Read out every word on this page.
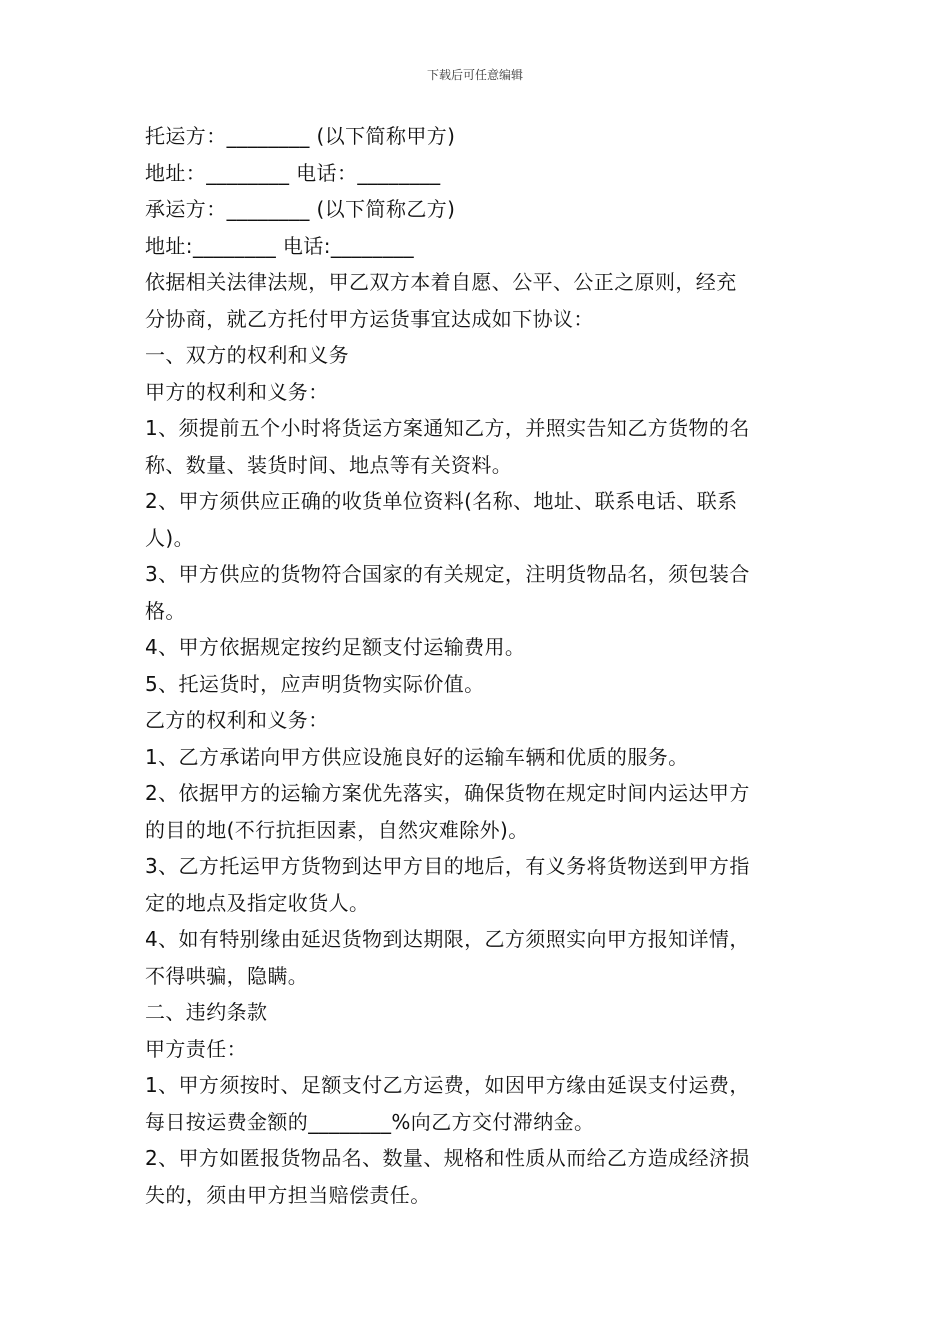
下载后可任意编辑
托运方：________ (以下简称甲方)
地址：________ 电话：________
承运方：________ (以下简称乙方)
地址:________ 电话:________
依据相关法律法规，甲乙双方本着自愿、公平、公正之原则，经充
分协商，就乙方托付甲方运货事宜达成如下协议：
一、双方的权利和义务
甲方的权利和义务：
1、须提前五个小时将货运方案通知乙方，并照实告知乙方货物的名
称、数量、装货时间、地点等有关资料。
2、甲方须供应正确的收货单位资料(名称、地址、联系电话、联系
人)。
3、甲方供应的货物符合国家的有关规定，注明货物品名，须包装合
格。
4、甲方依据规定按约足额支付运输费用。
5、托运货时，应声明货物实际价值。
乙方的权利和义务：
1、乙方承诺向甲方供应设施良好的运输车辆和优质的服务。
2、依据甲方的运输方案优先落实，确保货物在规定时间内运达甲方
的目的地(不行抗拒因素，自然灾难除外)。
3、乙方托运甲方货物到达甲方目的地后，有义务将货物送到甲方指
定的地点及指定收货人。
4、如有特别缘由延迟货物到达期限，乙方须照实向甲方报知详情，
不得哄骗，隐瞒。
二、违约条款
甲方责任：
1、甲方须按时、足额支付乙方运费，如因甲方缘由延误支付运费，
每日按运费金额的________%向乙方交付滞纳金。
2、甲方如匿报货物品名、数量、规格和性质从而给乙方造成经济损
失的，须由甲方担当赔偿责任。
